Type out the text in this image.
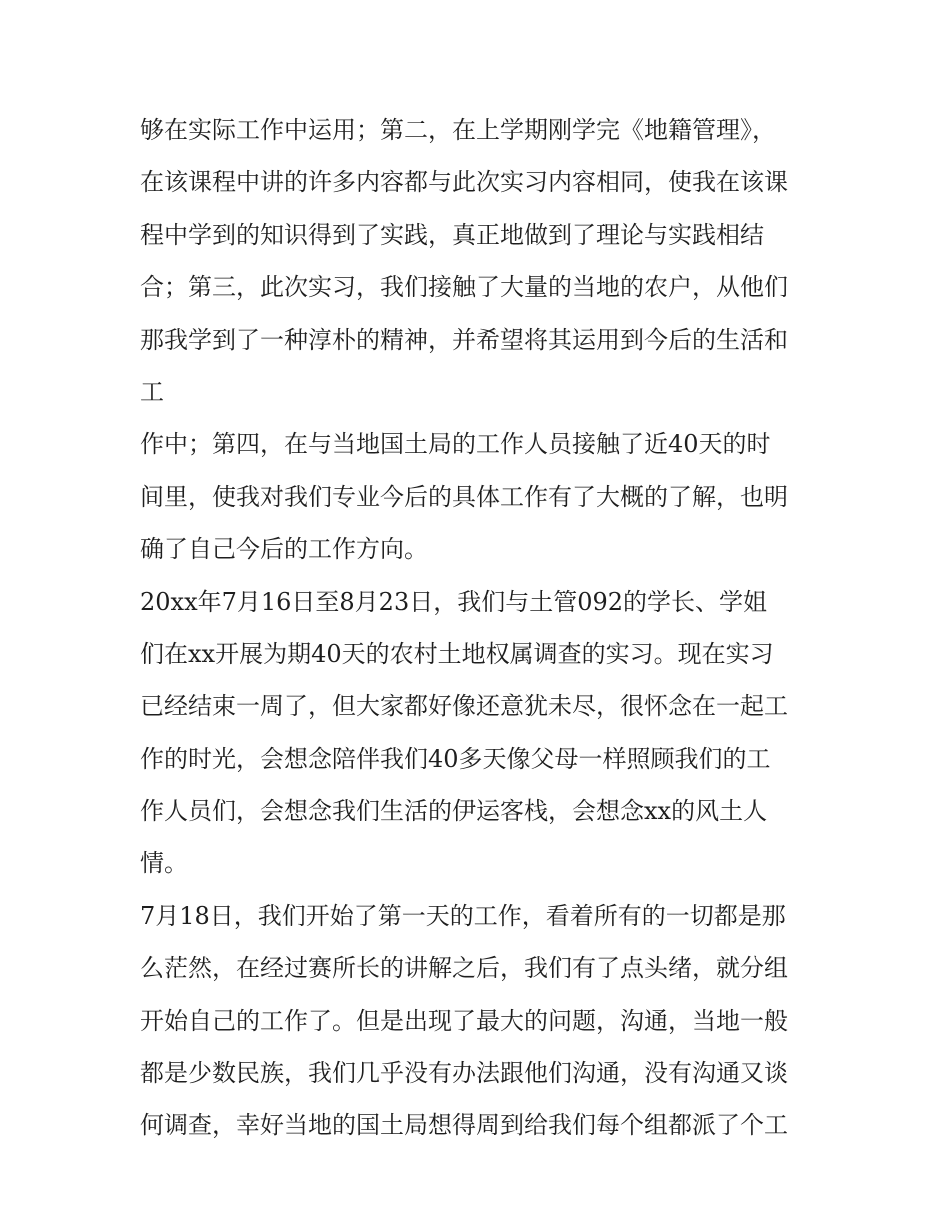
够在实际工作中运用；第二，在上学期刚学完《地籍管理》，
在该课程中讲的许多内容都与此次实习内容相同，使我在该课
程中学到的知识得到了实践，真正地做到了理论与实践相结
合；第三，此次实习，我们接触了大量的当地的农户，从他们
那我学到了一种淳朴的精神，并希望将其运用到今后的生活和
工
作中；第四，在与当地国土局的工作人员接触了近40天的时
间里，使我对我们专业今后的具体工作有了大概的了解，也明
确了自己今后的工作方向。
20xx年7月16日至8月23日，我们与土管092的学长、学姐
们在xx开展为期40天的农村土地权属调查的实习。现在实习
已经结束一周了，但大家都好像还意犹未尽，很怀念在一起工
作的时光，会想念陪伴我们40多天像父母一样照顾我们的工
作人员们，会想念我们生活的伊运客栈，会想念xx的风土人
情。
7月18日，我们开始了第一天的工作，看着所有的一切都是那
么茫然，在经过赛所长的讲解之后，我们有了点头绪，就分组
开始自己的工作了。但是出现了最大的问题，沟通，当地一般
都是少数民族，我们几乎没有办法跟他们沟通，没有沟通又谈
何调查，幸好当地的国土局想得周到给我们每个组都派了个工
